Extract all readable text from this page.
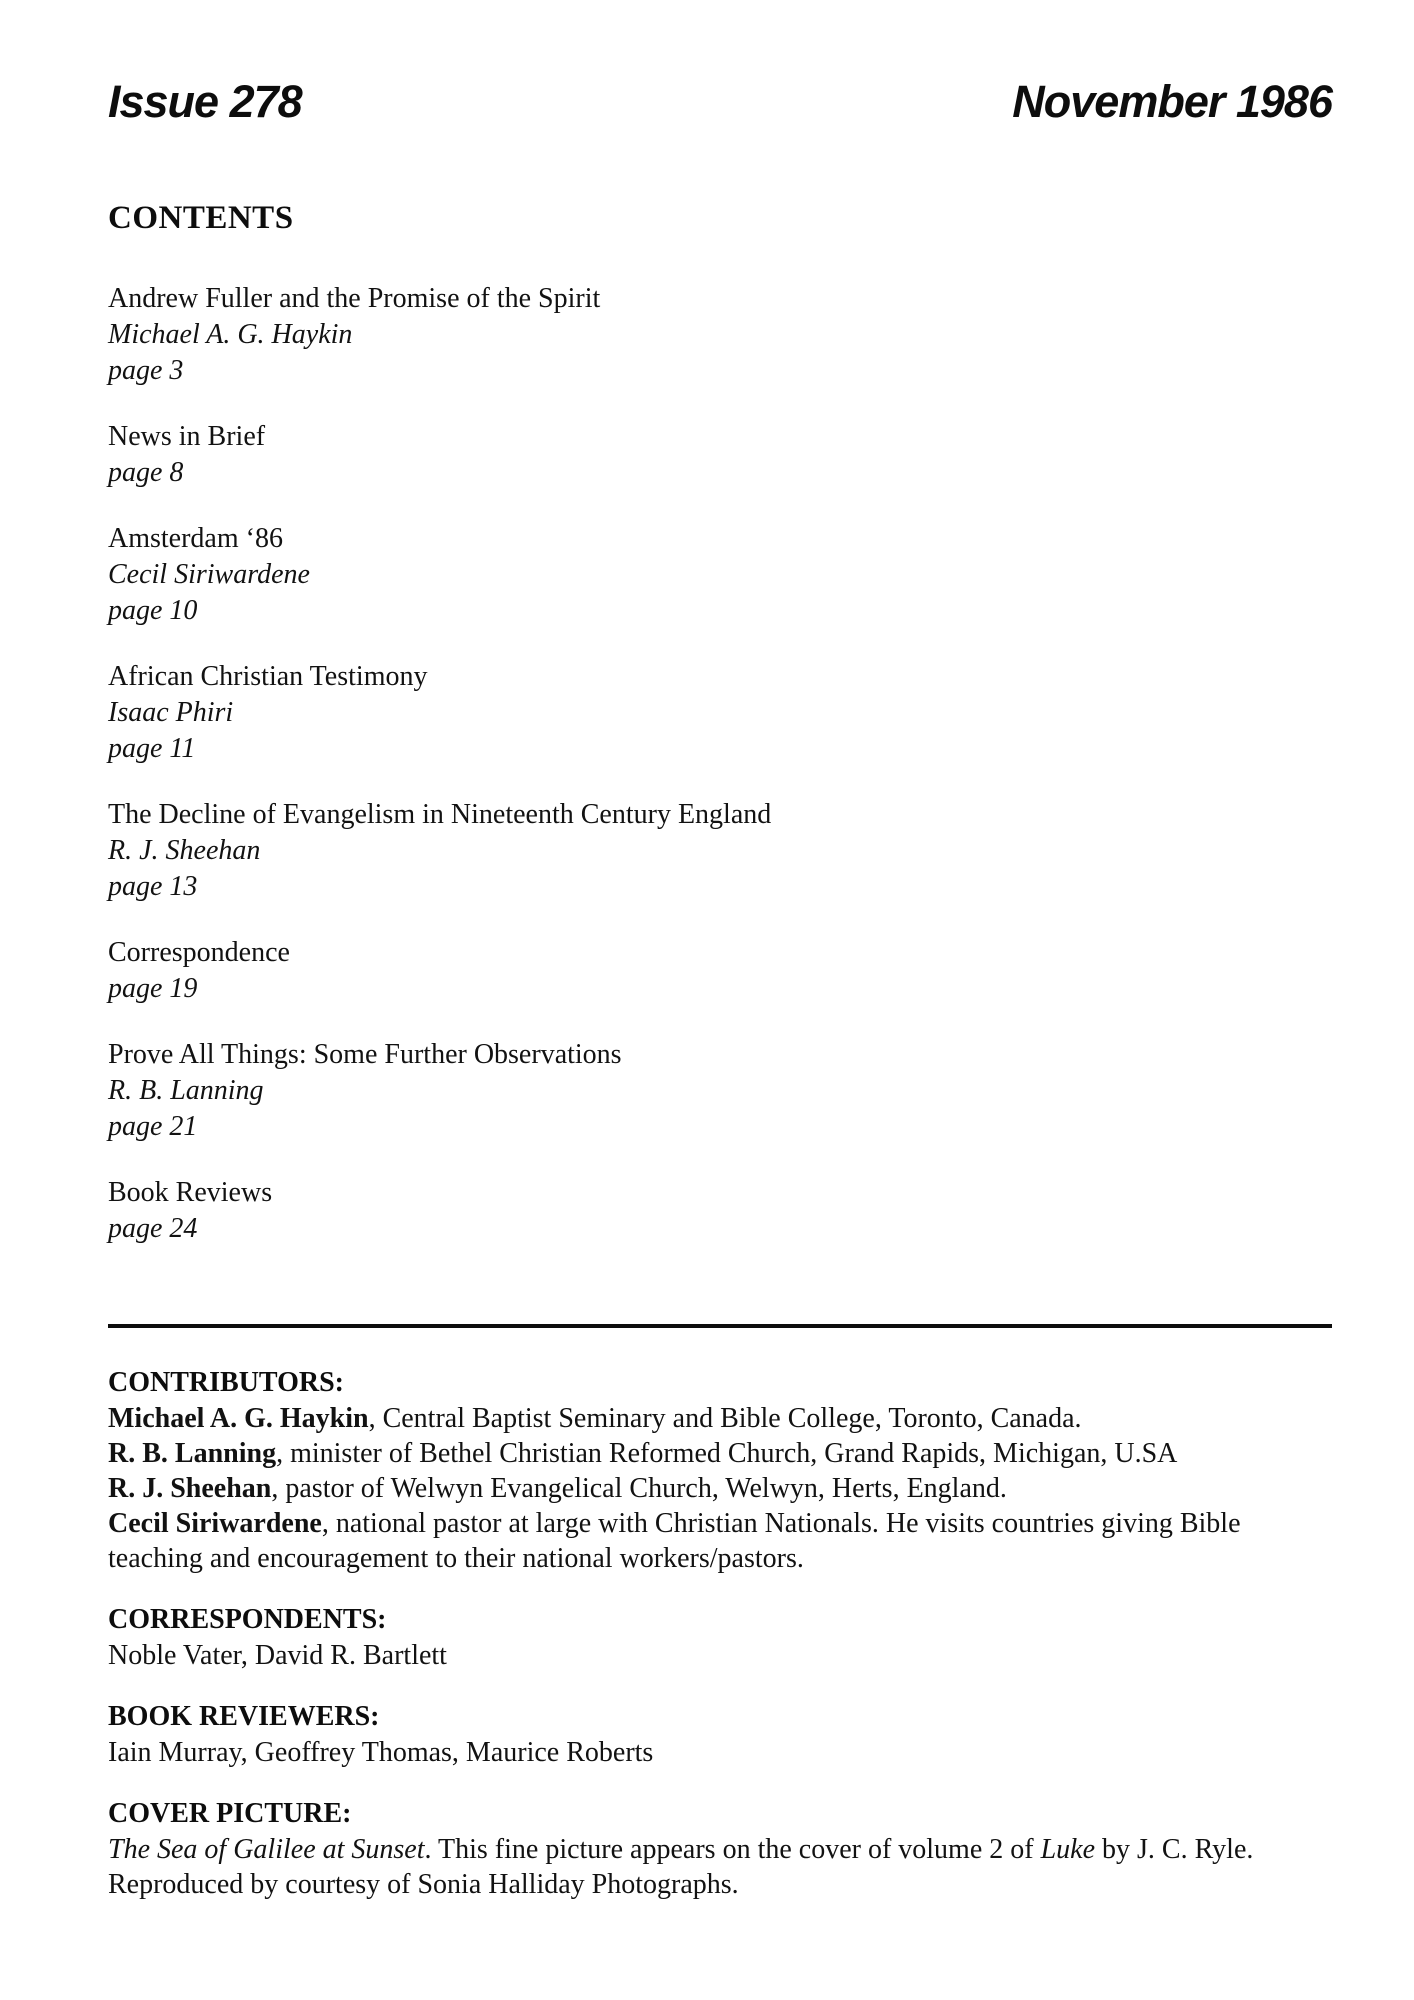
Issue 278	November 1986
CONTENTS
Andrew Fuller and the Promise of the Spirit
Michael A. G. Haykin
page 3
News in Brief
page 8
Amsterdam ‘86
Cecil Siriwardene
page 10
African Christian Testimony
Isaac Phiri
page 11
The Decline of Evangelism in Nineteenth Century England
R. J. Sheehan
page 13
Correspondence
page 19
Prove All Things: Some Further Observations
R. B. Lanning
page 21
Book Reviews
page 24
CONTRIBUTORS:
Michael A. G. Haykin, Central Baptist Seminary and Bible College, Toronto, Canada.
R. B. Lanning, minister of Bethel Christian Reformed Church, Grand Rapids, Michigan, U.SA
R. J. Sheehan, pastor of Welwyn Evangelical Church, Welwyn, Herts, England.
Cecil Siriwardene, national pastor at large with Christian Nationals. He visits countries giving Bible teaching and encouragement to their national workers/pastors.
CORRESPONDENTS:
Noble Vater, David R. Bartlett
BOOK REVIEWERS:
Iain Murray, Geoffrey Thomas, Maurice Roberts
COVER PICTURE:
The Sea of Galilee at Sunset. This fine picture appears on the cover of volume 2 of Luke by J. C. Ryle. Reproduced by courtesy of Sonia Halliday Photographs.
